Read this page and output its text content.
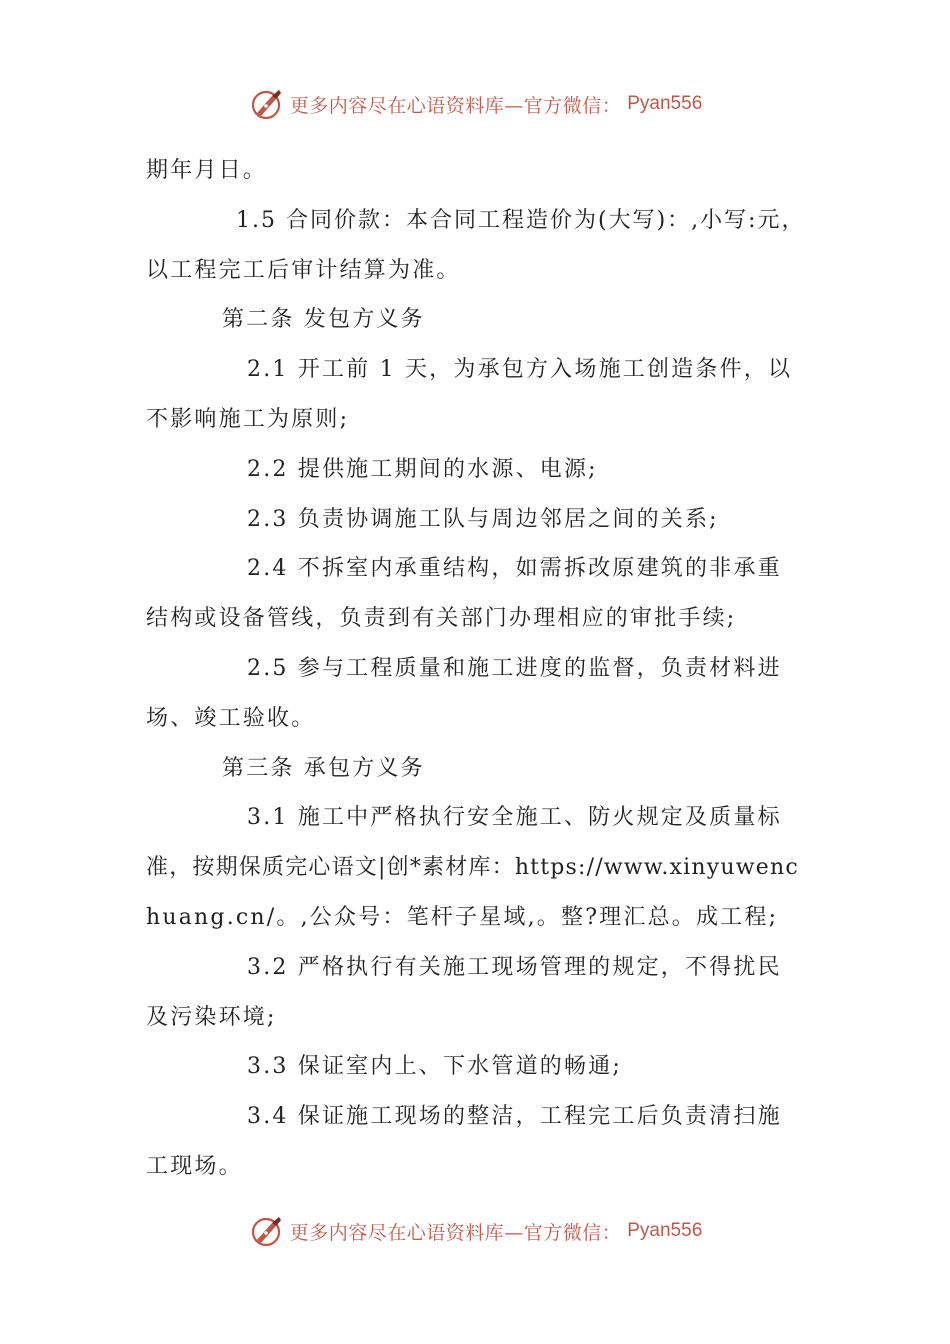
更多内容尽在心语资料库—官方微信： Pyan556
期年月日。
1.5 合同价款：本合同工程造价为(大写)：,小写:元，
以工程完工后审计结算为准。
第二条 发包方义务
2.1 开工前 1 天，为承包方入场施工创造条件，以
不影响施工为原则;
2.2 提供施工期间的水源、电源;
2.3 负责协调施工队与周边邻居之间的关系;
2.4 不拆室内承重结构，如需拆改原建筑的非承重
结构或设备管线，负责到有关部门办理相应的审批手续;
2.5 参与工程质量和施工进度的监督，负责材料进
场、竣工验收。
第三条 承包方义务
3.1 施工中严格执行安全施工、防火规定及质量标
准，按期保质完心语文|创*素材库：https://www.xinyuwenc
huang.cn/。,公众号：笔杆子星域,。整?理汇总。成工程;
3.2 严格执行有关施工现场管理的规定，不得扰民
及污染环境;
3.3 保证室内上、下水管道的畅通;
3.4 保证施工现场的整洁，工程完工后负责清扫施
工现场。
更多内容尽在心语资料库—官方微信： Pyan556
